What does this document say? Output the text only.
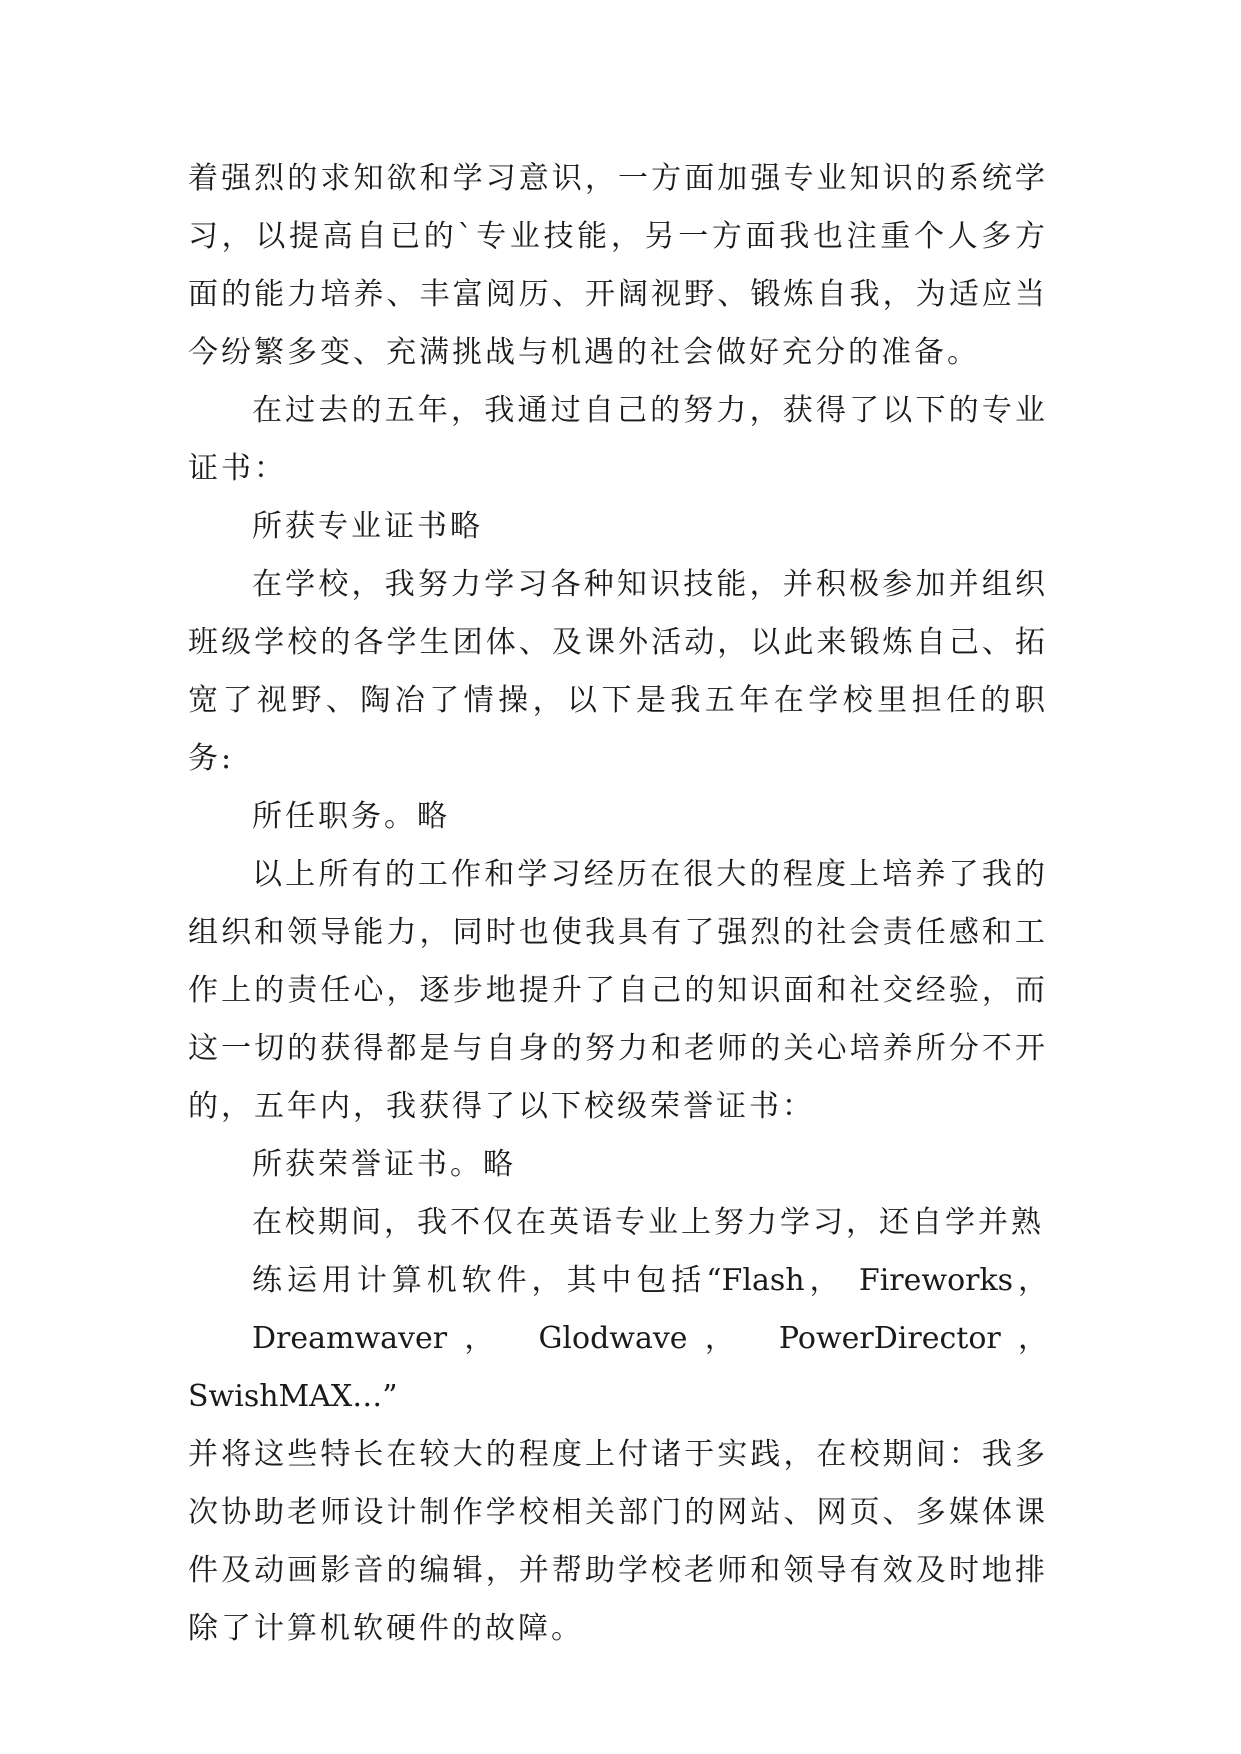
着强烈的求知欲和学习意识，一方面加强专业知识的系统学习，以提高自已的`专业技能，另一方面我也注重个人多方面的能力培养、丰富阅历、开阔视野、锻炼自我，为适应当今纷繁多变、充满挑战与机遇的社会做好充分的准备。

在过去的五年，我通过自己的努力，获得了以下的专业证书：

所获专业证书略

在学校，我努力学习各种知识技能，并积极参加并组织班级学校的各学生团体、及课外活动，以此来锻炼自己、拓宽了视野、陶冶了情操，以下是我五年在学校里担任的职务:

所任职务。略

以上所有的工作和学习经历在很大的程度上培养了我的组织和领导能力，同时也使我具有了强烈的社会责任感和工作上的责任心，逐步地提升了自己的知识面和社交经验，而这一切的获得都是与自身的努力和老师的关心培养所分不开的，五年内，我获得了以下校级荣誉证书：

所获荣誉证书。略

在校期间，我不仅在英语专业上努力学习，还自学并熟
练运用计算机软件，其中包括“Flash， Fireworks，
Dreamwaver， Glodwave， PowerDirector， SwishMAX…”
并将这些特长在较大的程度上付诸于实践，在校期间：我多次协助老师设计制作学校相关部门的网站、网页、多媒体课件及动画影音的编辑，并帮助学校老师和领导有效及时地排除了计算机软硬件的故障。
